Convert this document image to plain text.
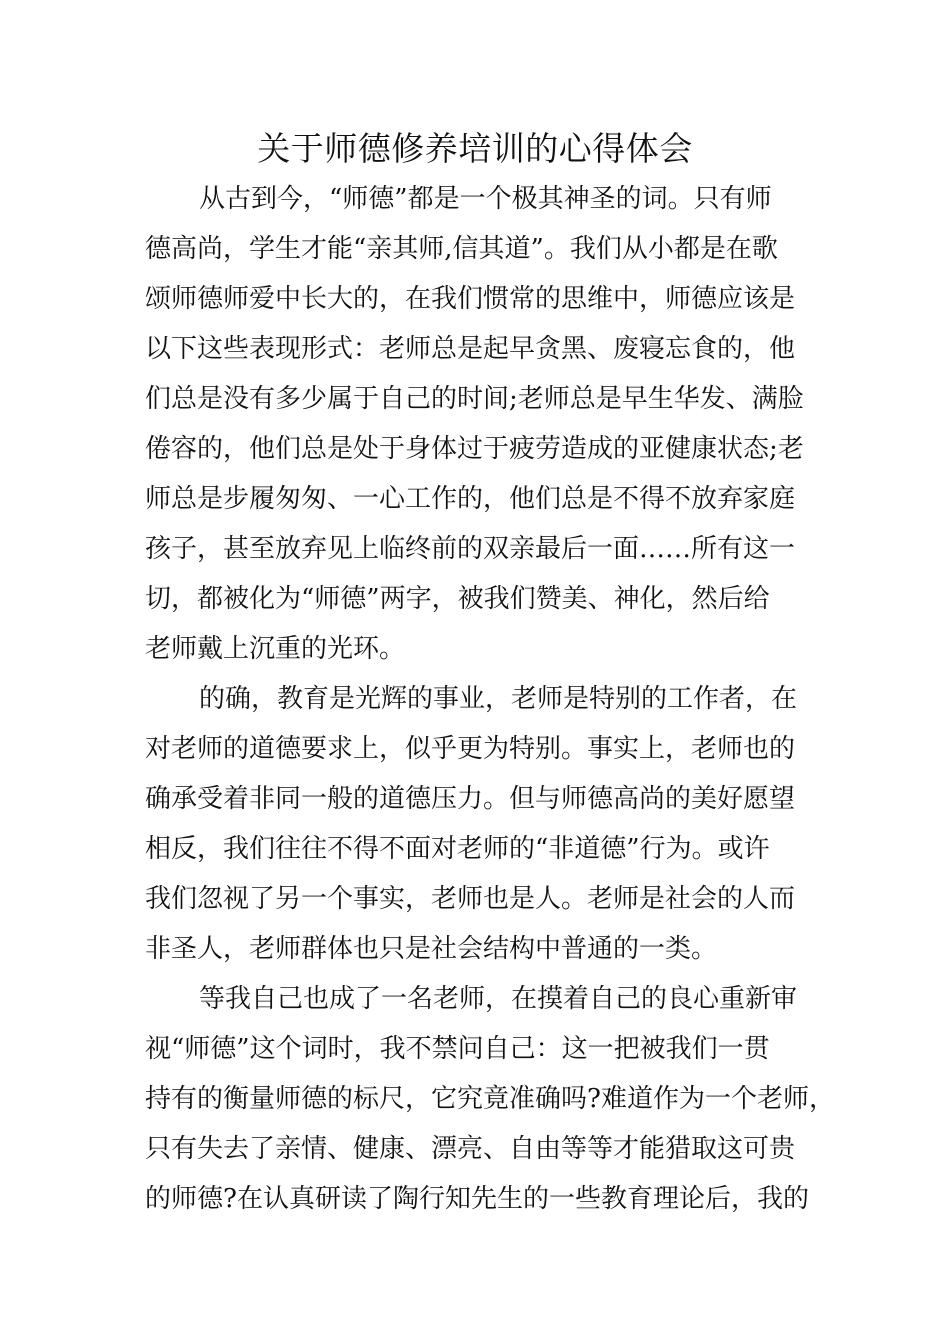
关于师德修养培训的心得体会

从古到今，“师德”都是一个极其神圣的词。只有师

德高尚，学生才能“亲其师,信其道”。我们从小都是在歌

颂师德师爱中长大的，在我们惯常的思维中，师德应该是

以下这些表现形式：老师总是起早贪黑、废寝忘食的，他

们总是没有多少属于自己的时间;老师总是早生华发、满脸

倦容的，他们总是处于身体过于疲劳造成的亚健康状态;老

师总是步履匆匆、一心工作的，他们总是不得不放弃家庭

孩子，甚至放弃见上临终前的双亲最后一面……所有这一

切，都被化为“师德”两字，被我们赞美、神化，然后给

老师戴上沉重的光环。

的确，教育是光辉的事业，老师是特别的工作者，在

对老师的道德要求上，似乎更为特别。事实上，老师也的

确承受着非同一般的道德压力。但与师德高尚的美好愿望

相反，我们往往不得不面对老师的“非道德”行为。或许

我们忽视了另一个事实，老师也是人。老师是社会的人而

非圣人，老师群体也只是社会结构中普通的一类。

等我自己也成了一名老师，在摸着自己的良心重新审

视“师德”这个词时，我不禁问自己：这一把被我们一贯

持有的衡量师德的标尺，它究竟准确吗?难道作为一个老师，

只有失去了亲情、健康、漂亮、自由等等才能猎取这可贵

的师德?在认真研读了陶行知先生的一些教育理论后，我的
